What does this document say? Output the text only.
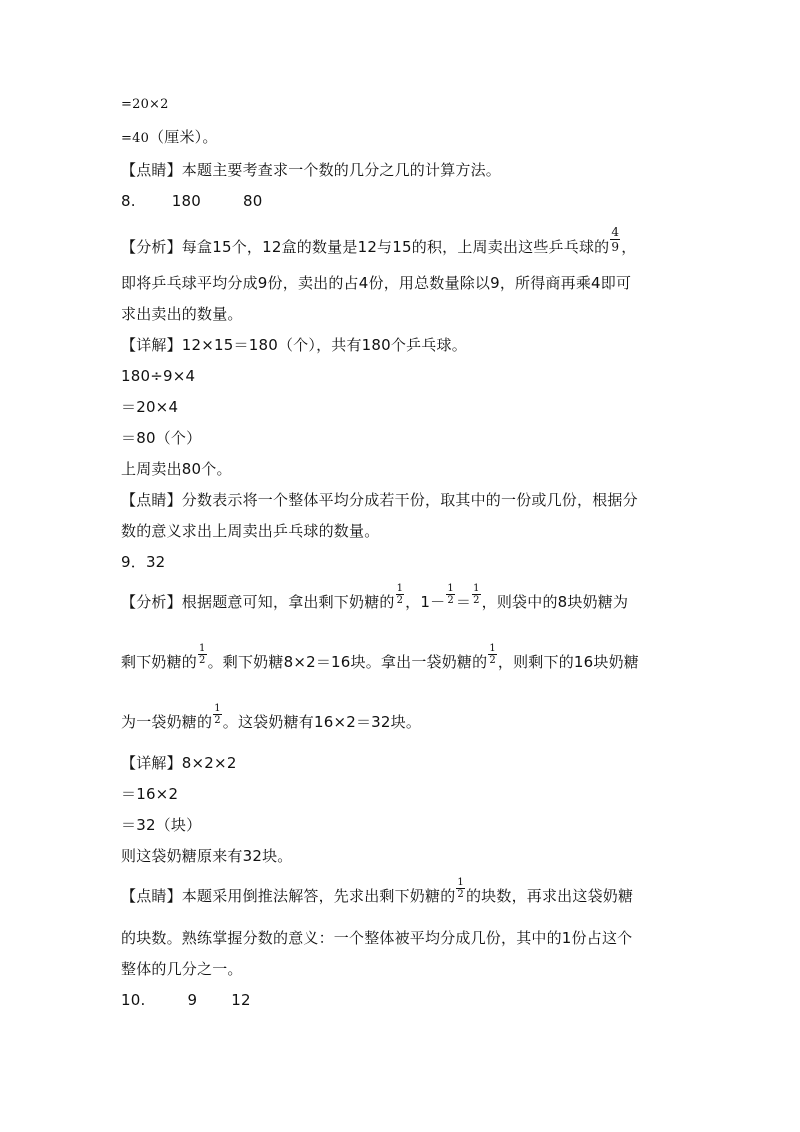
=20×2
=40（厘米）。
【点睛】本题主要考查求一个数的几分之几的计算方法。
8. 180	80
【分析】每盒15个，12盒的数量是12与15的积，上周卖出这些乒乓球的 $\frac{4}{9}$ ，
即将乒乓球平均分成9份，卖出的占4份，用总数量除以9，所得商再乘4即可
求出卖出的数量。
【详解】12×15＝180（个），共有180个乒乓球。
180÷9×4
＝20×4
＝80（个）
上周卖出80个。
【点睛】分数表示将一个整体平均分成若干份，取其中的一份或几份，根据分
数的意义求出上周卖出乒乓球的数量。
9．32
【分析】根据题意可知，拿出剩下奶糖的 $\frac{1}{2}$ ，$1- \frac{1}{2} = \frac{1}{2}$ ，则袋中的8块奶糖为
剩下奶糖的 $\frac{1}{2}$ 。剩下奶糖8×2＝16块。拿出一袋奶糖的 $\frac{1}{2}$ ，则剩下的16块奶糖
为一袋奶糖的 $\frac{1}{2}$ 。这袋奶糖有16×2＝32块。
【详解】8×2×2
＝16×2
＝32（块）
则这袋奶糖原来有32块。
【点睛】本题采用倒推法解答，先求出剩下奶糖的 $\frac{1}{2}$ 的块数，再求出这袋奶糖
的块数。熟练掌握分数的意义：一个整体被平均分成几份，其中的1份占这个
整体的几分之一。
10.	9 12
